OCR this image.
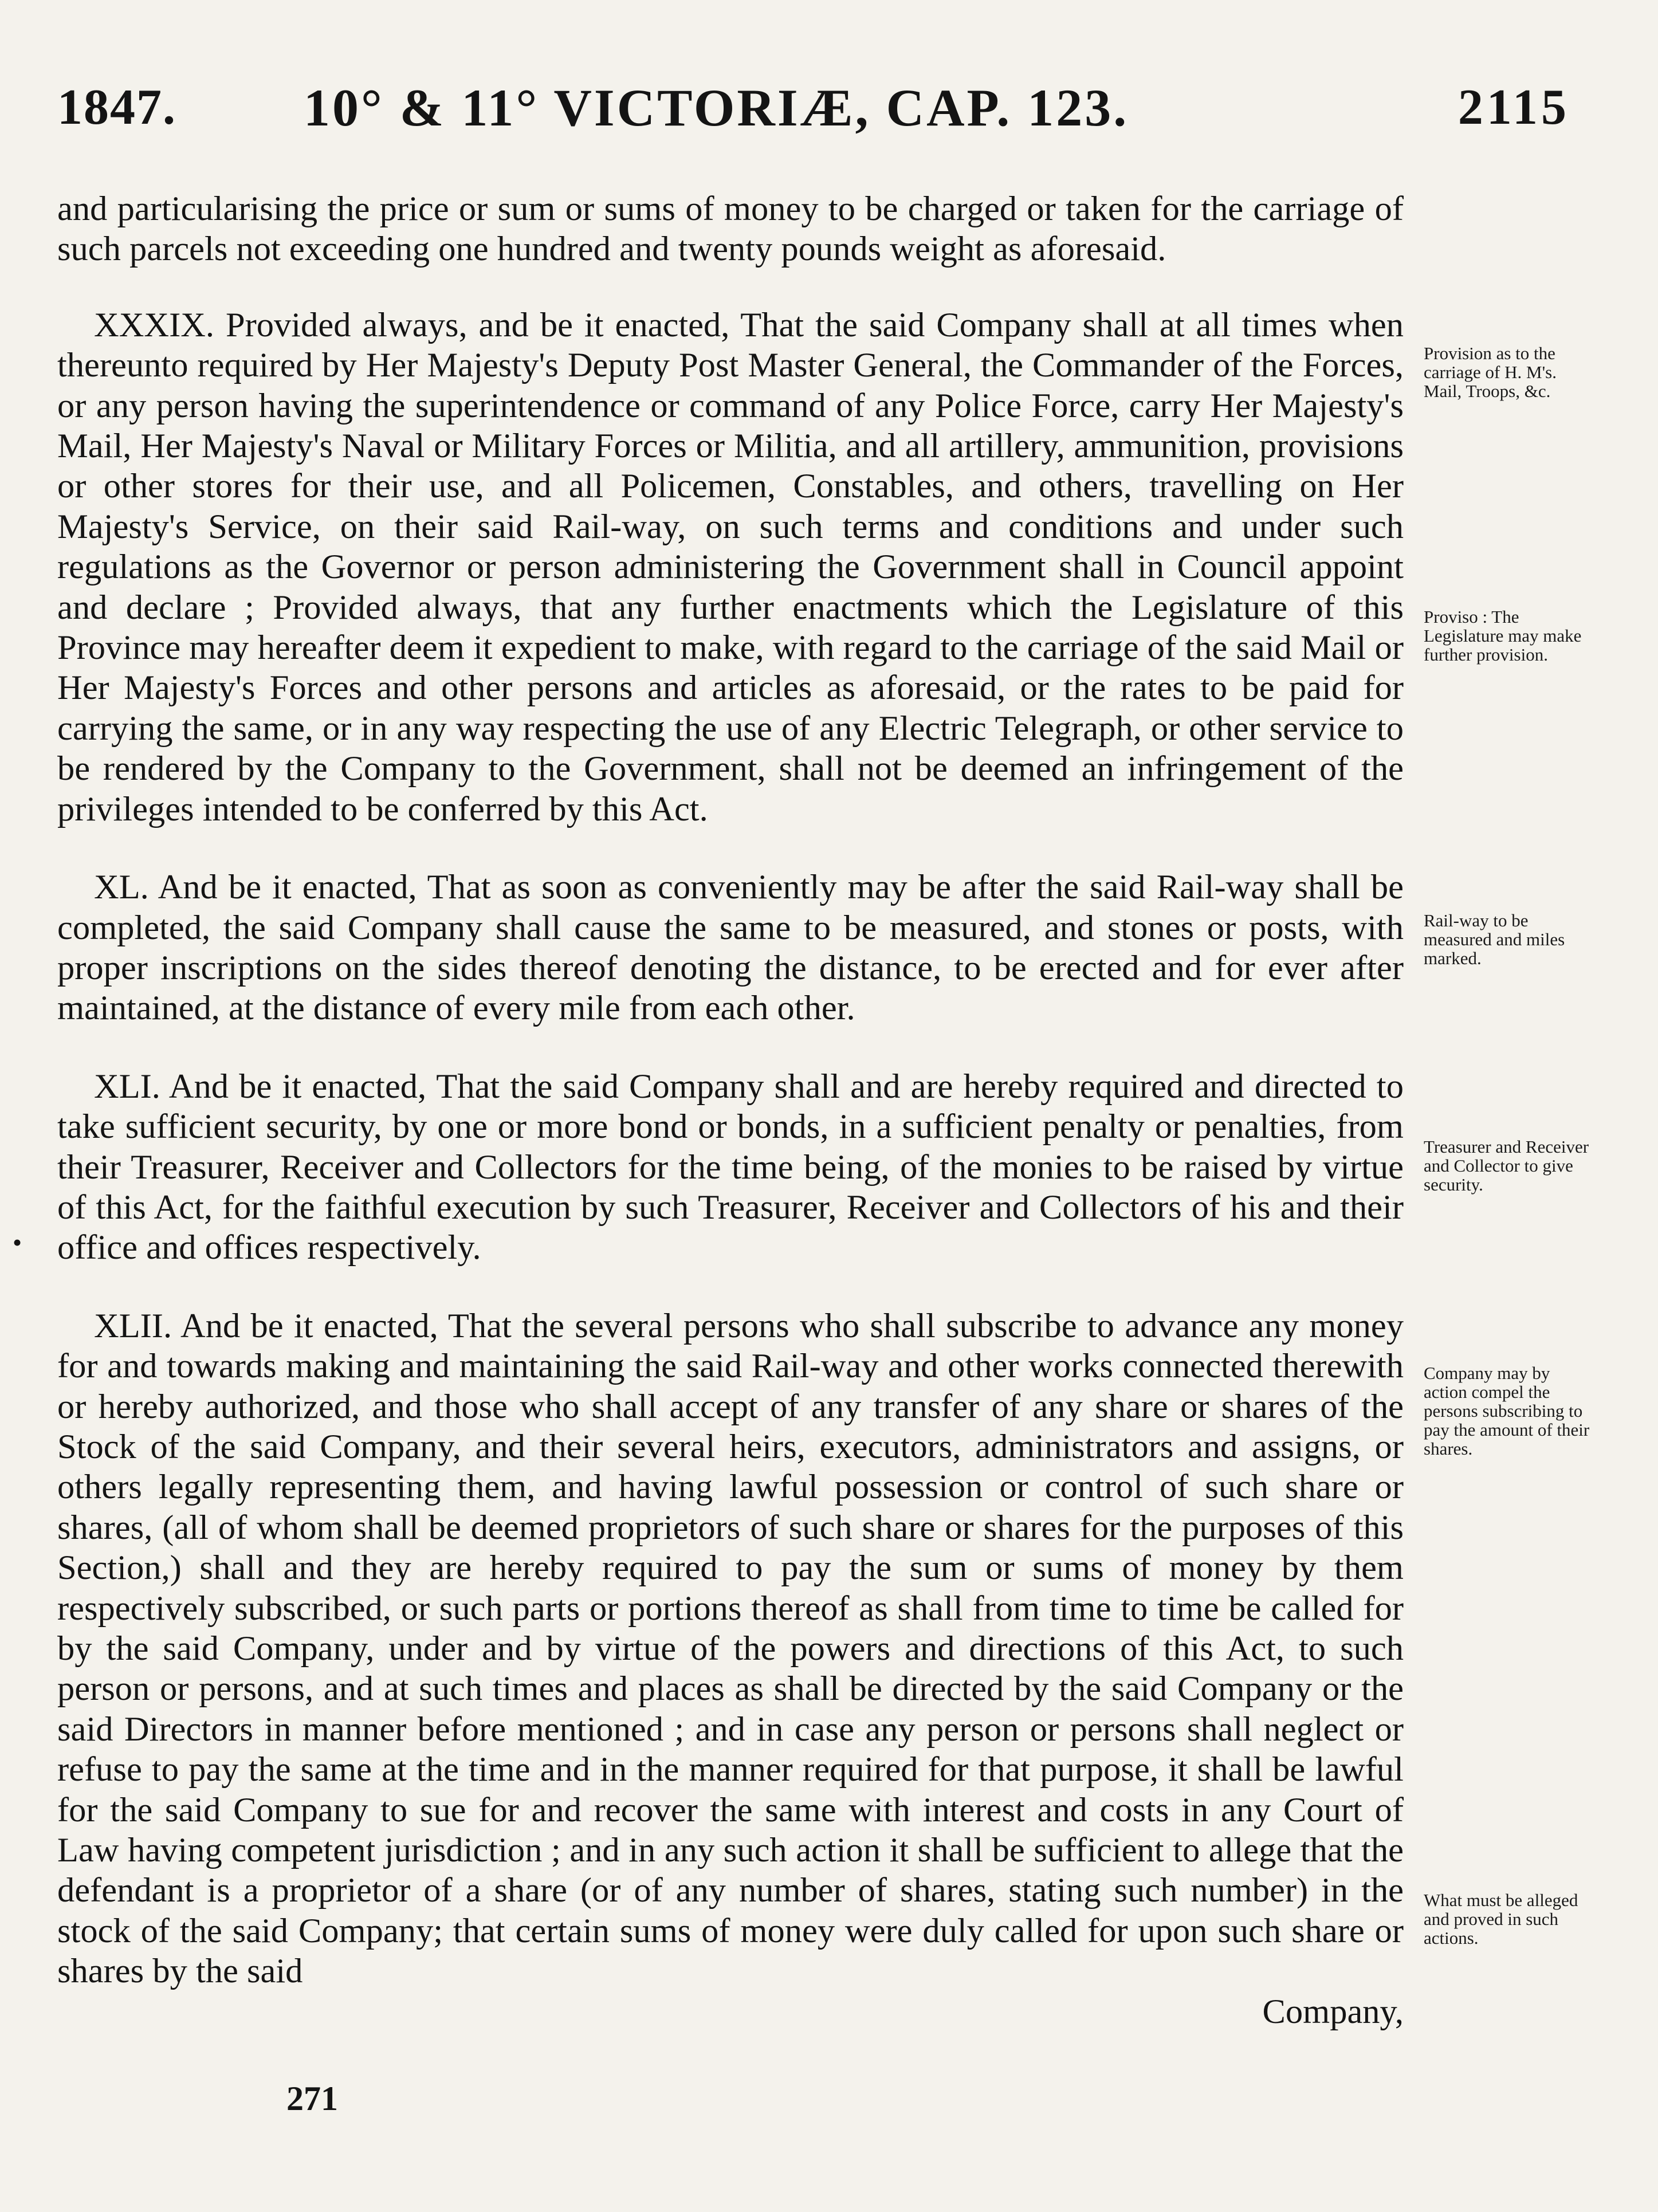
1847. 10° & 11° VICTORIÆ, CAP. 123.	2115

and particularising the price or sum or sums of money to be charged or taken for the carriage of such parcels not exceeding one hundred and twenty pounds weight as aforesaid.

XXXIX. Provided always, and be it enacted, That the said Company shall at all times when thereunto required by Her Majesty's Deputy Post Master General, the Commander of the Forces, or any person having the superintendence or command of any Police Force, carry Her Majesty's Mail, Her Majesty's Naval or Military Forces or Militia, and all artillery, ammunition, provisions or other stores for their use, and all Policemen, Constables, and others, travelling on Her Majesty's Service, on their said Rail-way, on such terms and conditions and under such regulations as the Governor or person administering the Government shall in Council appoint and declare ; Provided always, that any further enactments which the Legislature of this Province may hereafter deem it expedient to make, with regard to the carriage of the said Mail or Her Majesty's Forces and other persons and articles as aforesaid, or the rates to be paid for carrying the same, or in any way respecting the use of any Electric Telegraph, or other service to be rendered by the Company to the Government, shall not be deemed an infringement of the privileges intended to be conferred by this Act.

XL. And be it enacted, That as soon as conveniently may be after the said Rail-way shall be completed, the said Company shall cause the same to be measured, and stones or posts, with proper inscriptions on the sides thereof denoting the distance, to be erected and for ever after maintained, at the distance of every mile from each other.

XLI. And be it enacted, That the said Company shall and are hereby required and directed to take sufficient security, by one or more bond or bonds, in a sufficient penalty or penalties, from their Treasurer, Receiver and Collectors for the time being, of the monies to be raised by virtue of this Act, for the faithful execution by such Treasurer, Receiver and Collectors of his and their office and offices respectively.

XLII. And be it enacted, That the several persons who shall subscribe to advance any money for and towards making and maintaining the said Rail-way and other works connected therewith or hereby authorized, and those who shall accept of any transfer of any share or shares of the Stock of the said Company, and their several heirs, executors, administrators and assigns, or others legally representing them, and having lawful possession or control of such share or shares, (all of whom shall be deemed proprietors of such share or shares for the purposes of this Section,) shall and they are hereby required to pay the sum or sums of money by them respectively subscribed, or such parts or portions thereof as shall from time to time be called for by the said Company, under and by virtue of the powers and directions of this Act, to such person or persons, and at such times and places as shall be directed by the said Company or the said Directors in manner before mentioned ; and in case any person or persons shall neglect or refuse to pay the same at the time and in the manner required for that purpose, it shall be lawful for the said Company to sue for and recover the same with interest and costs in any Court of Law having competent jurisdiction ; and in any such action it shall be sufficient to allege that the defendant is a proprietor of a share (or of any number of shares, stating such number) in the stock of the said Company; that certain sums of money were duly called for upon such share or shares by the said
Company,

Provision as to the carriage of H. M's. Mail, Troops, &c.
Proviso : The Legislature may make further provision.
Rail-way to be measured and miles marked.
Treasurer and Receiver and Collector to give security.
Company may by action compel the persons subscribing to pay the amount of their shares.
What must be alleged and proved in such actions.
•
271
